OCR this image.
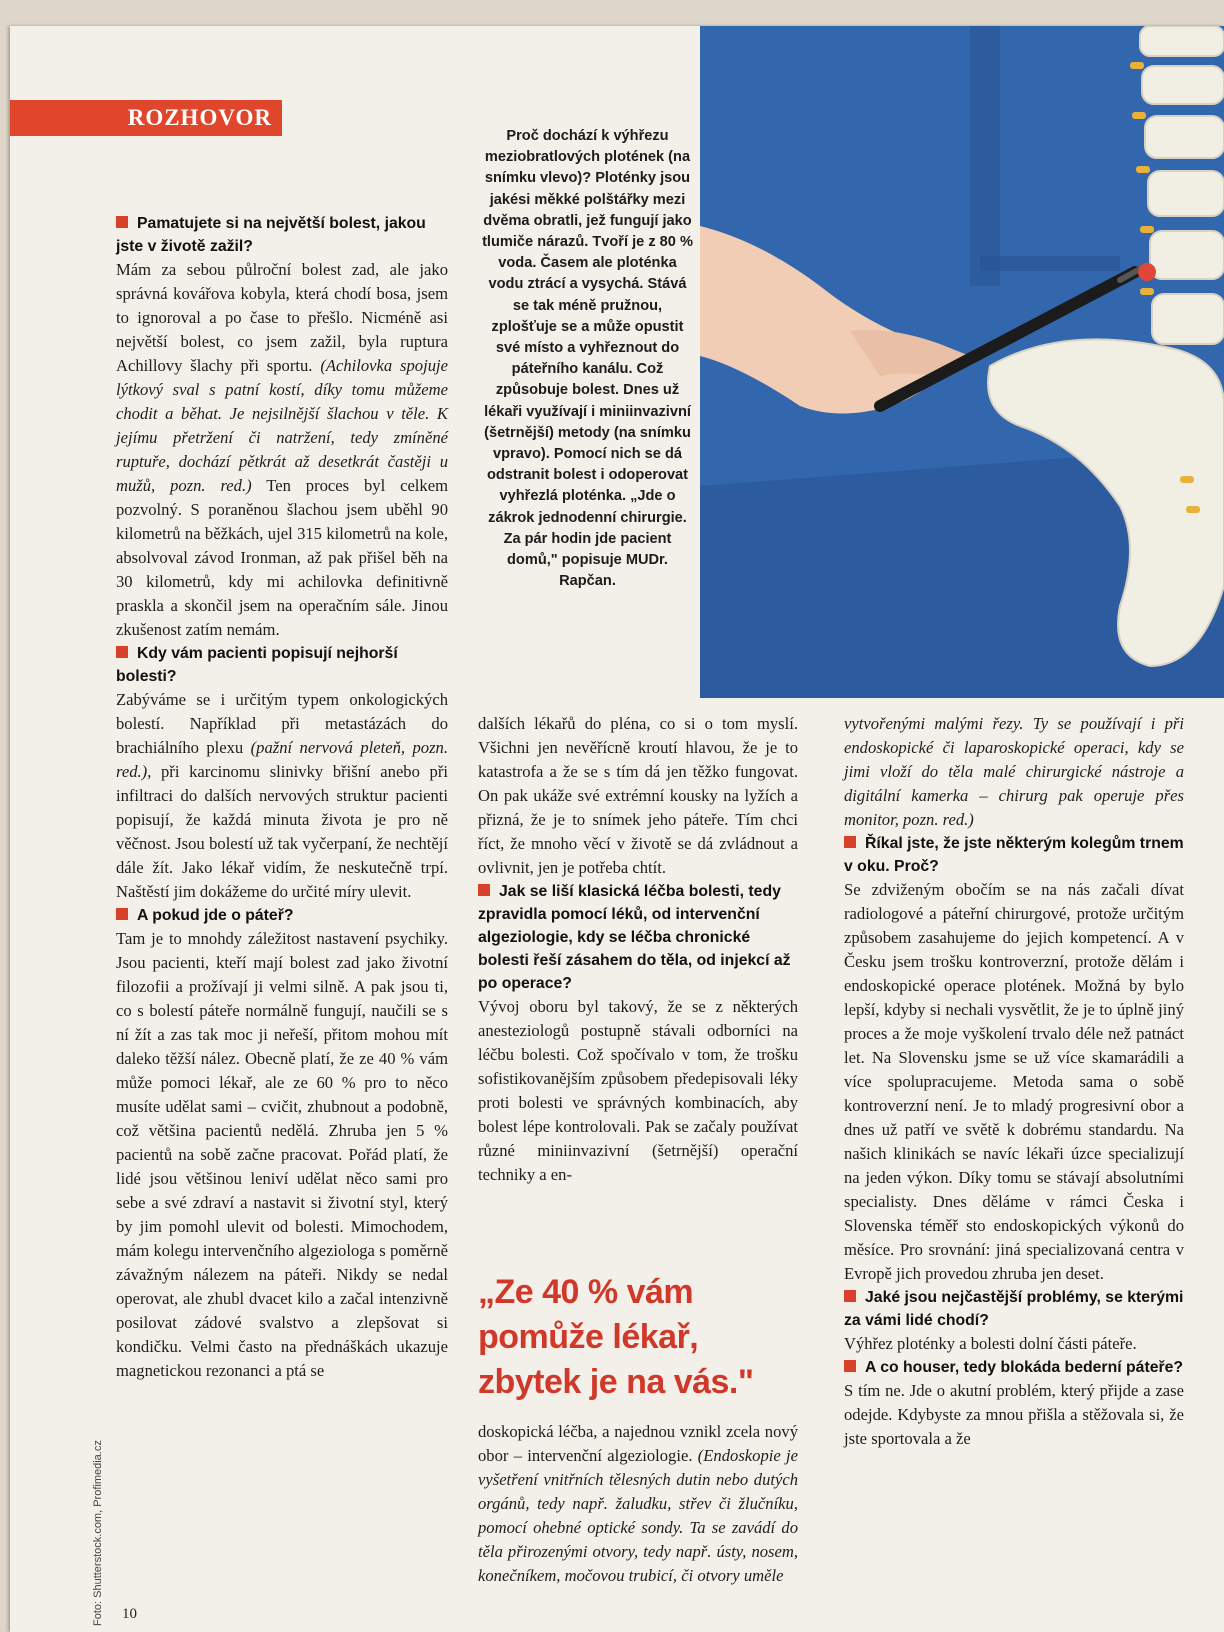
ROZHOVOR
Proč dochází k výhřezu meziobratlových plotének (na snímku vlevo)? Ploténky jsou jakési měkké polštářky mezi dvěma obratli, jež fungují jako tlumiče nárazů. Tvoří je z 80 % voda. Časem ale ploténka vodu ztrácí a vysychá. Stává se tak méně pružnou, zplošťuje se a může opustit své místo a vyhřeznout do páteřního kanálu. Což způsobuje bolest. Dnes už lékaři využívají i miniinvazivní (šetrnější) metody (na snímku vpravo). Pomocí nich se dá odstranit bolest i odoperovat vyhřezlá ploténka. „Jde o zákrok jednodenní chirurgie. Za pár hodin jde pacient domů," popisuje MUDr. Rapčan.

Pamatujete si na největší bolest, jakou jste v životě zažil?

Mám za sebou půlroční bolest zad, ale jako správná kovářova kobyla, která chodí bosa, jsem to ignoroval a po čase to přešlo. Nicméně asi největší bolest, co jsem zažil, byla ruptura Achillovy šlachy při sportu. (Achilovka spojuje lýtkový sval s patní kostí, díky tomu můžeme chodit a běhat. Je nejsilnější šlachou v těle. K jejímu přetržení či natržení, tedy zmíněné ruptuře, dochází pětkrát až desetkrát častěji u mužů, pozn. red.) Ten proces byl celkem pozvolný. S poraněnou šlachou jsem uběhl 90 kilometrů na běžkách, ujel 315 kilometrů na kole, absolvoval závod Ironman, až pak přišel běh na 30 kilometrů, kdy mi achilovka definitivně praskla a skončil jsem na operačním sále. Jinou zkušenost zatím nemám.

Kdy vám pacienti popisují nejhorší bolesti?

Zabýváme se i určitým typem onkologických bolestí. Například při metastázách do brachiálního plexu (pažní nervová pleteň, pozn. red.), při karcinomu slinivky břišní anebo při infiltraci do dalších nervových struktur pacienti popisují, že každá minuta života je pro ně věčnost. Jsou bolestí už tak vyčerpaní, že nechtějí dále žít. Jako lékař vidím, že neskutečně trpí. Naštěstí jim dokážeme do určité míry ulevit.

A pokud jde o páteř?

Tam je to mnohdy záležitost nastavení psychiky. Jsou pacienti, kteří mají bolest zad jako životní filozofii a prožívají ji velmi silně. A pak jsou ti, co s bolestí páteře normálně fungují, naučili se s ní žít a zas tak moc ji neřeší, přitom mohou mít daleko těžší nález. Obecně platí, že ze 40 % vám může pomoci lékař, ale ze 60 % pro to něco musíte udělat sami – cvičit, zhubnout a podobně, což většina pacientů nedělá. Zhruba jen 5 % pacientů na sobě začne pracovat. Pořád platí, že lidé jsou většinou leniví udělat něco sami pro sebe a své zdraví a nastavit si životní styl, který by jim pomohl ulevit od bolesti. Mimochodem, mám kolegu intervenčního algeziologa s poměrně závažným nálezem na páteři. Nikdy se nedal operovat, ale zhubl dvacet kilo a začal intenzivně posilovat zádové svalstvo a zlepšovat si kondičku. Velmi často na přednáškách ukazuje magnetickou rezonanci a ptá se

dalších lékařů do pléna, co si o tom myslí. Všichni jen nevěřícně kroutí hlavou, že je to katastrofa a že se s tím dá jen těžko fungovat. On pak ukáže své extrémní kousky na lyžích a přizná, že je to snímek jeho páteře. Tím chci říct, že mnoho věcí v životě se dá zvládnout a ovlivnit, jen je potřeba chtít.

Jak se liší klasická léčba bolesti, tedy zpravidla pomocí léků, od intervenční algeziologie, kdy se léčba chronické bolesti řeší zásahem do těla, od injekcí až po operace?

Vývoj oboru byl takový, že se z některých anesteziologů postupně stávali odborníci na léčbu bolesti. Což spočívalo v tom, že trošku sofistikovanějším způsobem předepisovali léky proti bolesti ve správných kombinacích, aby bolest lépe kontrolovali. Pak se začaly používat různé miniinvazivní (šetrnější) operační techniky a en-

„Ze 40 % vám pomůže lékař, zbytek je na vás."

doskopická léčba, a najednou vznikl zcela nový obor – intervenční algeziologie. (Endoskopie je vyšetření vnitřních tělesných dutin nebo dutých orgánů, tedy např. žaludku, střev či žlučníku, pomocí ohebné optické sondy. Ta se zavádí do těla přirozenými otvory, tedy např. ústy, nosem, konečníkem, močovou trubicí, či otvory uměle

vytvořenými malými řezy. Ty se používají i při endoskopické či laparoskopické operaci, kdy se jimi vloží do těla malé chirurgické nástroje a digitální kamerka – chirurg pak operuje přes monitor, pozn. red.)

Říkal jste, že jste některým kolegům trnem v oku. Proč?

Se zdviženým obočím se na nás začali dívat radiologové a páteřní chirurgové, protože určitým způsobem zasahujeme do jejich kompetencí. A v Česku jsem trošku kontroverzní, protože dělám i endoskopické operace plotének. Možná by bylo lepší, kdyby si nechali vysvětlit, že je to úplně jiný proces a že moje vyškolení trvalo déle než patnáct let. Na Slovensku jsme se už více skamarádili a více spolupracujeme. Metoda sama o sobě kontroverzní není. Je to mladý progresivní obor a dnes už patří ve světě k dobrému standardu. Na našich klinikách se navíc lékaři úzce specializují na jeden výkon. Díky tomu se stávají absolutními specialisty. Dnes děláme v rámci Česka i Slovenska téměř sto endoskopických výkonů do měsíce. Pro srovnání: jiná specializovaná centra v Evropě jich provedou zhruba jen deset.

Jaké jsou nejčastější problémy, se kterými za vámi lidé chodí?

Výhřez ploténky a bolesti dolní části páteře.

A co houser, tedy blokáda bederní páteře?

S tím ne. Jde o akutní problém, který přijde a zase odejde. Kdybyste za mnou přišla a stěžovala si, že jste sportovala a že

Foto: Shutterstock.com, Profimedia.cz 10
